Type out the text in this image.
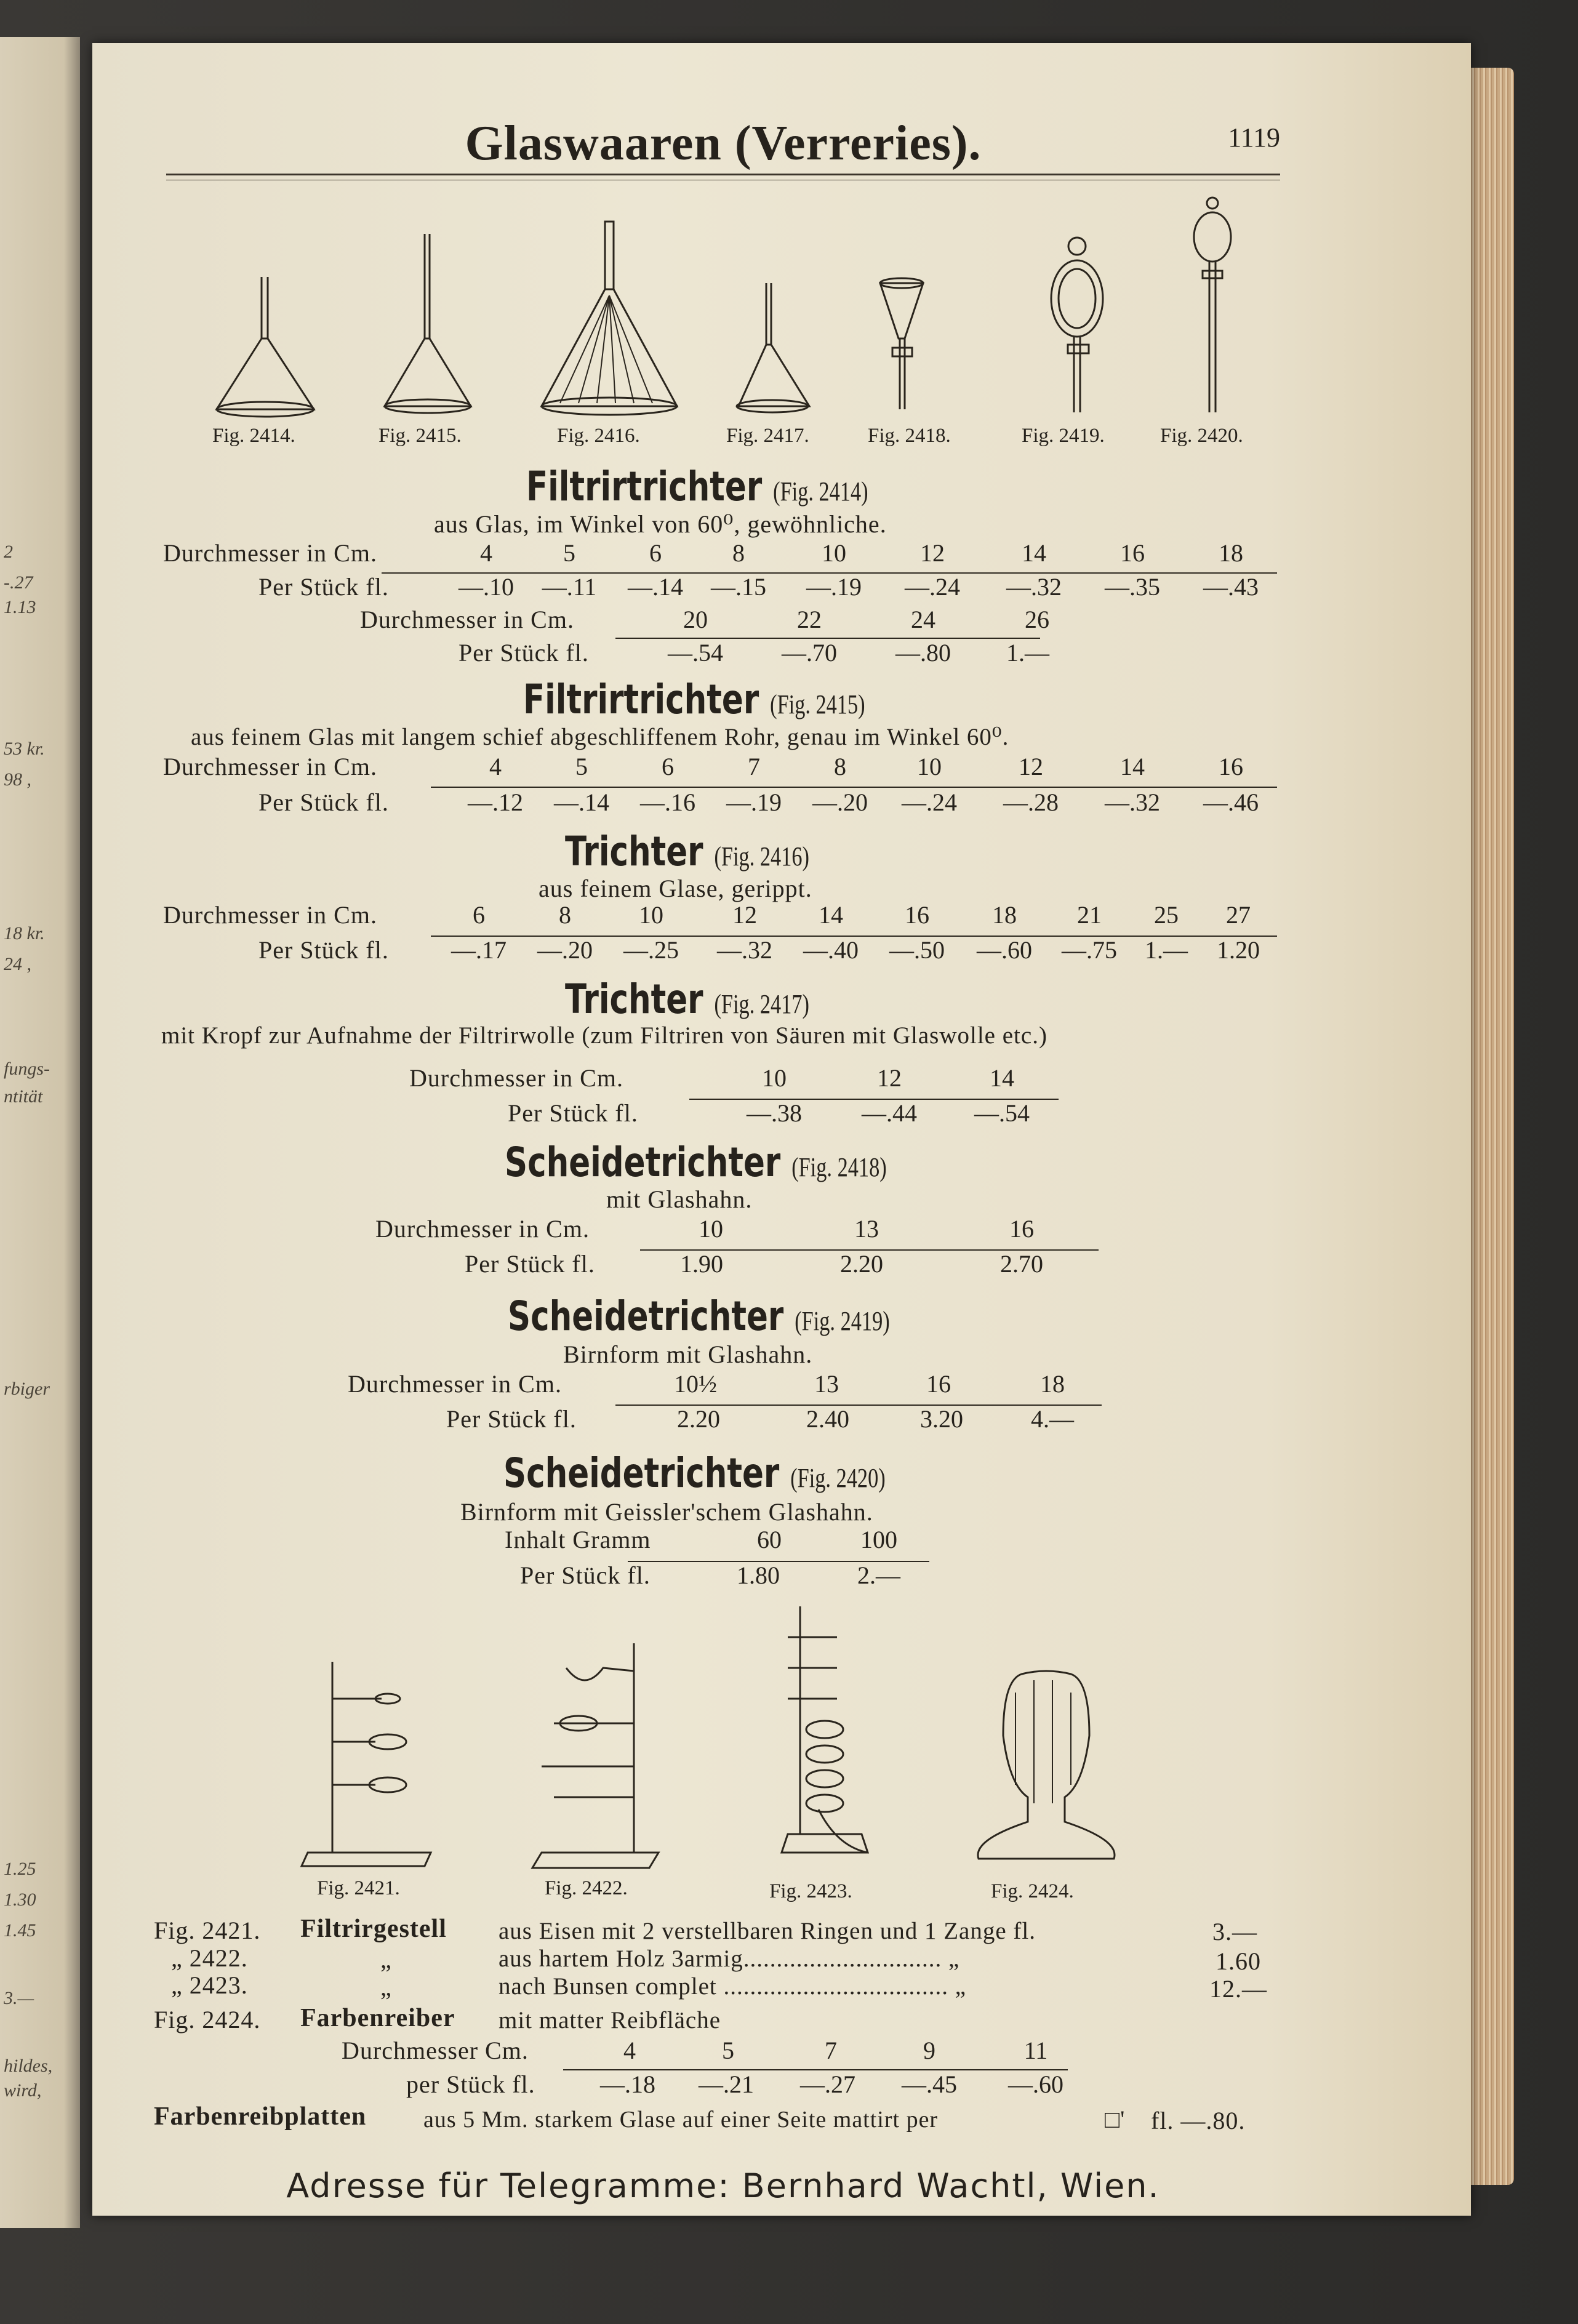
2
-.27
1.13
53 kr.
98 ,
18 kr.
24 ,
fungs-
ntität
rbiger
1.25
1.30
1.45
3.—
hildes,
wird,
Glaswaaren (Verreries).	1119
Fig. 2414.	Fig. 2415.	Fig. 2416.	Fig. 2417.	Fig. 2418.	Fig. 2419.	Fig. 2420.
Filtrirtrichter (Fig. 2414)
aus Glas, im Winkel von 60⁰, gewöhnliche.
Durchmesser in Cm.	4	5	6	8	10	12	14	16	18
Per Stück fl.	—.10	—.11	—.14	—.15	—.19	—.24	—.32	—.35	—.43
Durchmesser in Cm.	20	22	24	26
Per Stück fl.	—.54	—.70	—.80	1.—
Filtrirtrichter (Fig. 2415)
aus feinem Glas mit langem schief abgeschliffenem Rohr, genau im Winkel 60⁰.
Durchmesser in Cm.	4	5	6	7	8	10	12	14	16
Per Stück fl.	—.12	—.14	—.16	—.19	—.20	—.24	—.28	—.32	—.46
Trichter (Fig. 2416)
aus feinem Glase, gerippt.
Durchmesser in Cm.	6	8	10	12	14	16	18	21	25	27
Per Stück fl.	—.17	—.20	—.25	—.32	—.40	—.50	—.60	—.75	1.—	1.20
Trichter (Fig. 2417)
mit Kropf zur Aufnahme der Filtrirwolle (zum Filtriren von Säuren mit Glaswolle etc.)
Durchmesser in Cm.	10	12	14
Per Stück fl.	—.38	—.44	—.54
Scheidetrichter (Fig. 2418)
mit Glashahn.
Durchmesser in Cm.	10	13	16
Per Stück fl.	1.90	2.20	2.70
Scheidetrichter (Fig. 2419)
Birnform mit Glashahn.
Durchmesser in Cm.	10½	13	16	18
Per Stück fl.	2.20	2.40	3.20	4.—
Scheidetrichter (Fig. 2420)
Birnform mit Geissler'schem Glashahn.
Inhalt Gramm	60	100
Per Stück fl.	1.80	2.—
Fig. 2421.	Fig. 2422.	Fig. 2423.	Fig. 2424.
Fig. 2421. Filtrirgestell aus Eisen mit 2 verstellbaren Ringen und 1 Zange fl.	3.—
„ 2422.	„	aus hartem Holz 3armig.............................. „	1.60
„ 2423.	„	nach Bunsen complet .................................. „	12.—
Fig. 2424. Farbenreiber mit matter Reibfläche
Durchmesser Cm.	4	5	7	9	11
per Stück fl.	—.18	—.21	—.27	—.45	—.60
Farbenreibplatten aus 5 Mm. starkem Glase auf einer Seite mattirt per	□' fl. —.80.
Adresse für Telegramme: Bernhard Wachtl, Wien.
